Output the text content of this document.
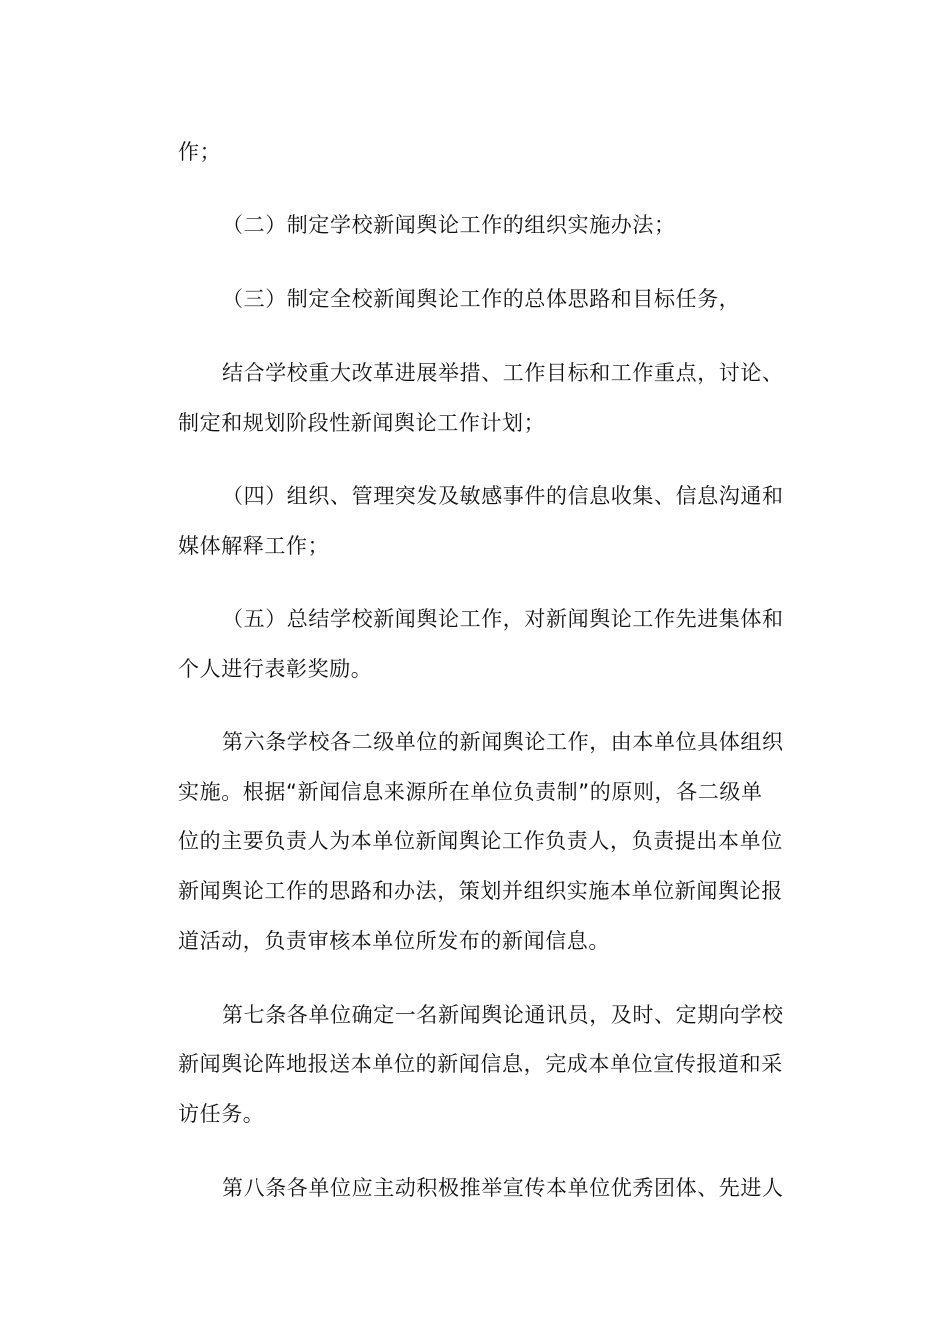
作；
（二）制定学校新闻舆论工作的组织实施办法；
（三）制定全校新闻舆论工作的总体思路和目标任务，
结合学校重大改革进展举措、工作目标和工作重点，讨论、
制定和规划阶段性新闻舆论工作计划；
（四）组织、管理突发及敏感事件的信息收集、信息沟通和
媒体解释工作；
（五）总结学校新闻舆论工作，对新闻舆论工作先进集体和
个人进行表彰奖励。
第六条学校各二级单位的新闻舆论工作，由本单位具体组织
实施。根据“新闻信息来源所在单位负责制”的原则，各二级单
位的主要负责人为本单位新闻舆论工作负责人，负责提出本单位
新闻舆论工作的思路和办法，策划并组织实施本单位新闻舆论报
道活动，负责审核本单位所发布的新闻信息。
第七条各单位确定一名新闻舆论通讯员，及时、定期向学校
新闻舆论阵地报送本单位的新闻信息，完成本单位宣传报道和采
访任务。
第八条各单位应主动积极推举宣传本单位优秀团体、先进人
